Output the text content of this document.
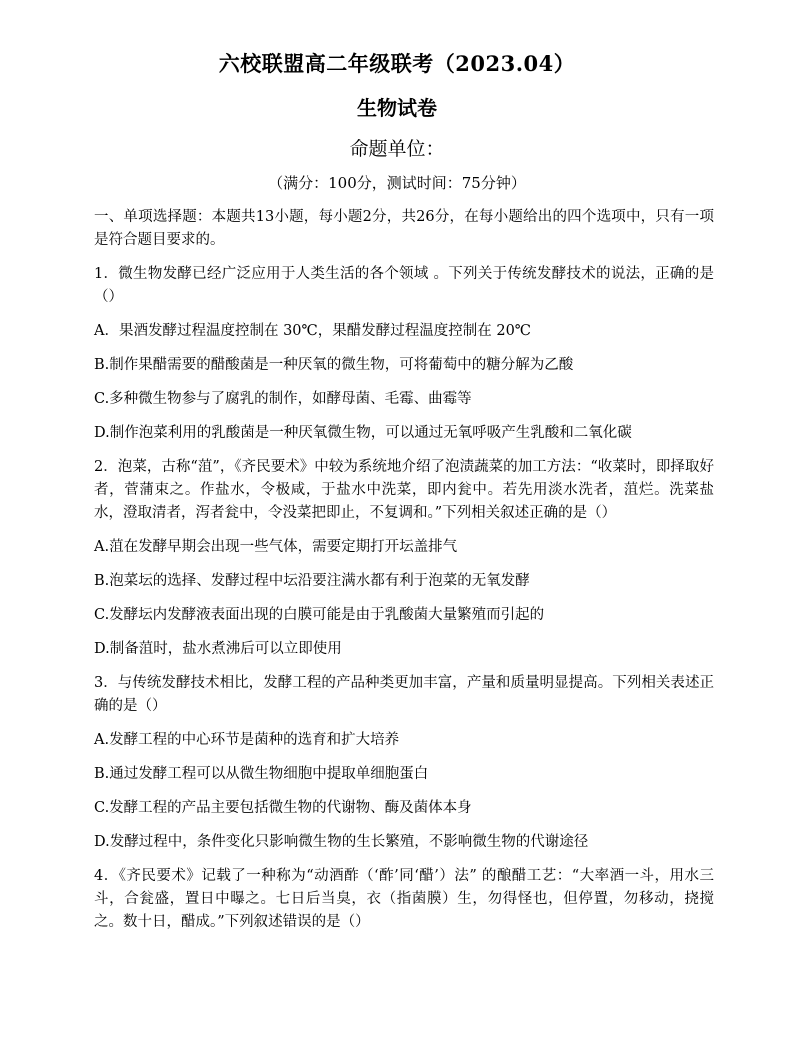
六校联盟高二年级联考（2023.04）
生物试卷
命题单位：
（满分：100分，测试时间：75分钟）

一、单项选择题：本题共13小题，每小题2分，共26分，在每小题给出的四个选项中，只有一项是符合题目要求的。

1．微生物发酵已经广泛应用于人类生活的各个领域 。下列关于传统发酵技术的说法，正确的是（）

A．果酒发酵过程温度控制在 30℃，果醋发酵过程温度控制在 20℃

B.制作果醋需要的醋酸菌是一种厌氧的微生物，可将葡萄中的糖分解为乙酸

C.多种微生物参与了腐乳的制作，如酵母菌、毛霉、曲霉等

D.制作泡菜利用的乳酸菌是一种厌氧微生物，可以通过无氧呼吸产生乳酸和二氧化碳

2．泡菜，古称“菹”，《齐民要术》中较为系统地介绍了泡渍蔬菜的加工方法：“收菜时，即择取好者，菅蒲束之。作盐水，令极咸，于盐水中洗菜，即内瓮中。若先用淡水洗者，菹烂。洗菜盐水，澄取清者，泻者瓮中，令没菜把即止，不复调和。”下列相关叙述正确的是（）

A.菹在发酵早期会出现一些气体，需要定期打开坛盖排气

B.泡菜坛的选择、发酵过程中坛沿要注满水都有利于泡菜的无氧发酵

C.发酵坛内发酵液表面出现的白膜可能是由于乳酸菌大量繁殖而引起的

D.制备菹时，盐水煮沸后可以立即使用

3．与传统发酵技术相比，发酵工程的产品种类更加丰富，产量和质量明显提高。下列相关表述正确的是（）

A.发酵工程的中心环节是菌种的选育和扩大培养

B.通过发酵工程可以从微生物细胞中提取单细胞蛋白

C.发酵工程的产品主要包括微生物的代谢物、酶及菌体本身

D.发酵过程中，条件变化只影响微生物的生长繁殖，不影响微生物的代谢途径

4．《齐民要术》记载了一种称为“动酒酢（‘酢’同‘醋’）法” 的酿醋工艺：“大率酒一斗，用水三斗，合瓮盛，置日中曝之。七日后当臭，衣（指菌膜）生，勿得怪也，但停置，勿移动，挠搅之。数十日，醋成。”下列叙述错误的是（）
